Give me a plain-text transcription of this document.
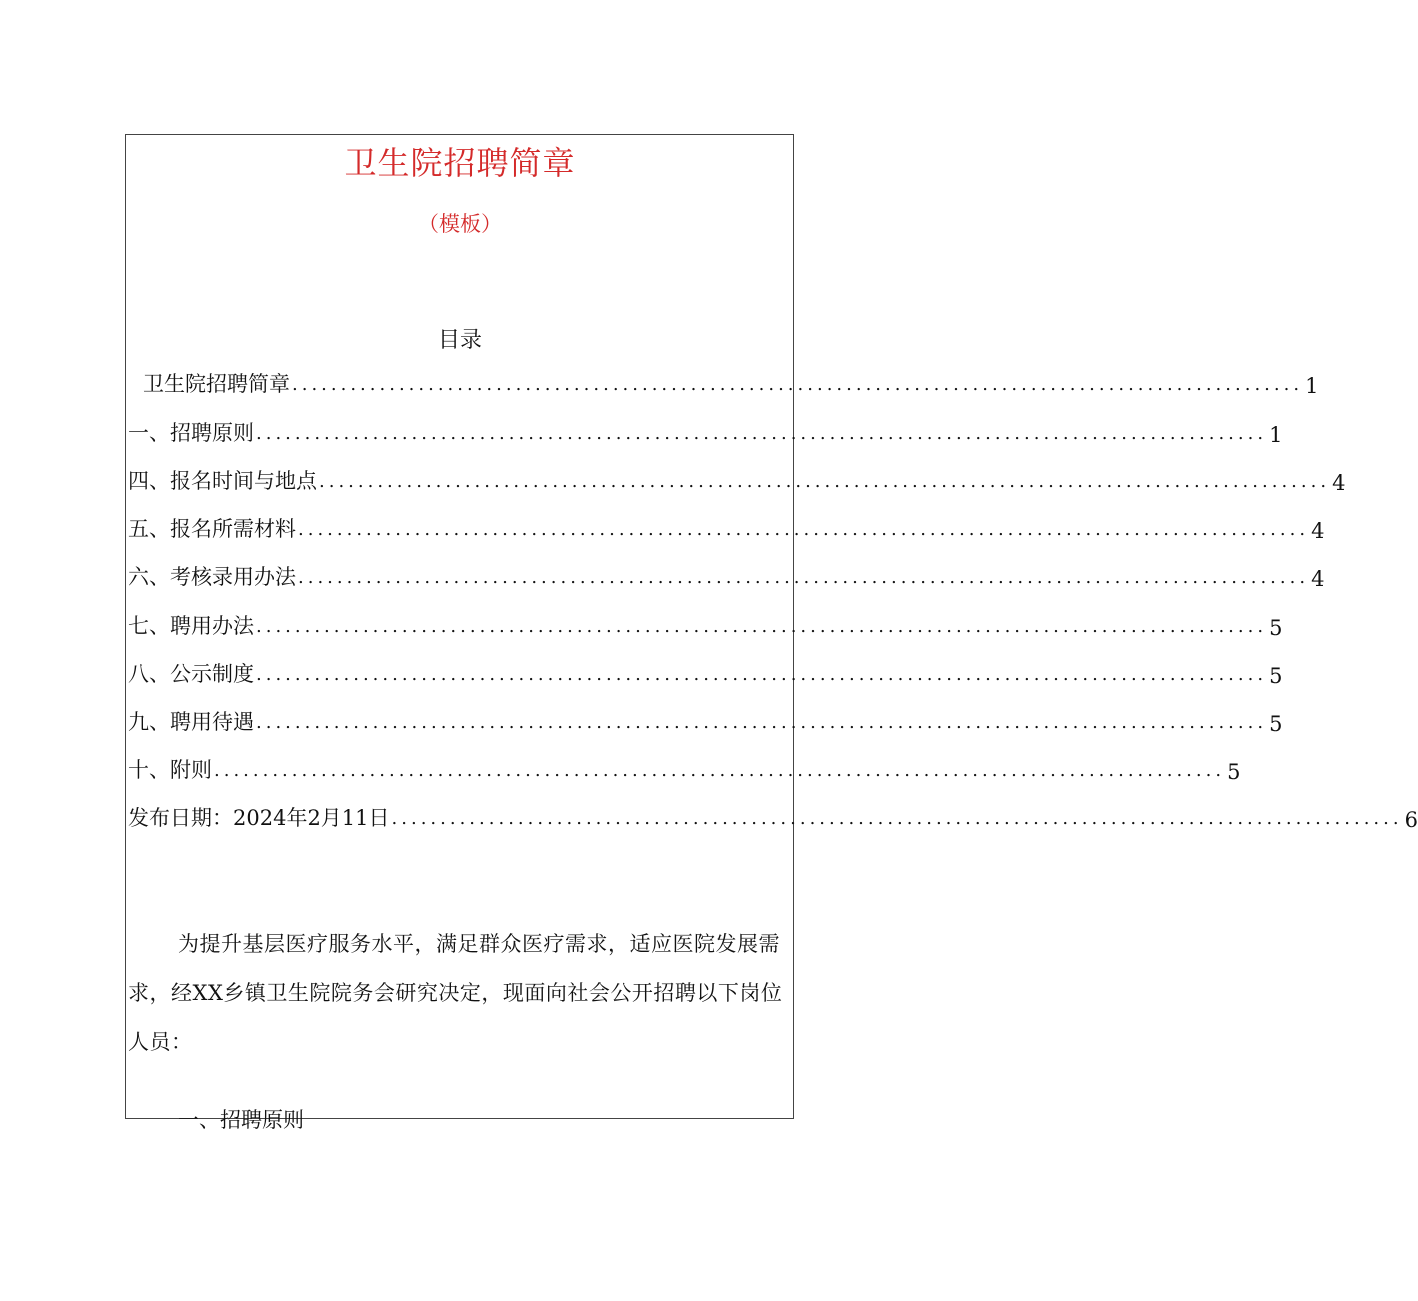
卫生院招聘简章
（模板）
目录
卫生院招聘简章 ........................................................................................................ 1
一、招聘原则 ........................................................................................................ 1
四、报名时间与地点 ........................................................................................................ 4
五、报名所需材料 ........................................................................................................ 4
六、考核录用办法 ........................................................................................................ 4
七、聘用办法 ........................................................................................................ 5
八、公示制度 ........................................................................................................ 5
九、聘用待遇 ........................................................................................................ 5
十、附则 ........................................................................................................ 5
发布日期：2024年2月11日 ........................................................................................................ 6
为提升基层医疗服务水平，满足群众医疗需求，适应医院发展需求，经XX乡镇卫生院院务会研究决定，现面向社会公开招聘以下岗位人员：
一、招聘原则
